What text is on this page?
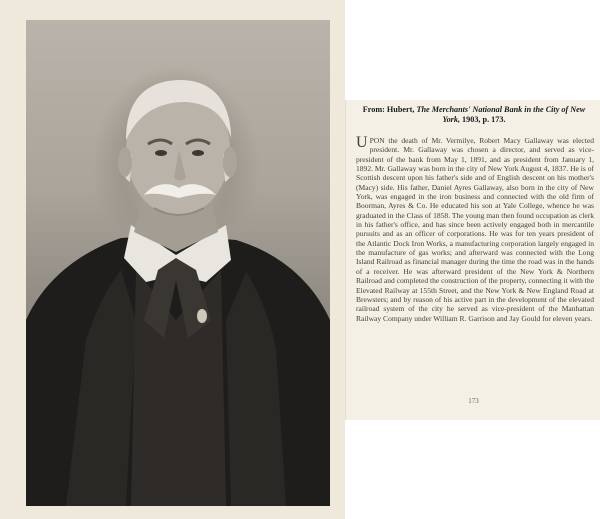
From: Hubert, The Merchants' National Bank in the City of New York, 1903, p. 173.
UPON the death of Mr. Vermilye, Robert Macy Gallaway was elected president. Mr. Gallaway was chosen a director, and served as vice-president of the bank from May 1, 1891, and as president from January 1, 1892. Mr. Gallaway was born in the city of New York August 4, 1837. He is of Scottish descent upon his father's side and of English descent on his mother's (Macy) side. His father, Daniel Ayres Gallaway, also born in the city of New York, was engaged in the iron business and connected with the old firm of Boorman, Ayres & Co. He educated his son at Yale College, whence he was graduated in the Class of 1858. The young man then found occupation as clerk in his father's office, and has since been actively engaged both in mercantile pursuits and as an officer of corporations. He was for ten years president of the Atlantic Dock Iron Works, a manufacturing corporation largely engaged in the manufacture of gas works; and afterward was connected with the Long Island Railroad as financial manager during the time the road was in the hands of a receiver. He was afterward president of the New York & Northern Railroad and completed the construction of the property, connecting it with the Elevated Railway at 155th Street, and the New York & New England Road at Brewsters; and by reason of his active part in the development of the elevated railroad system of the city he served as vice-president of the Manhattan Railway Company under William R. Garrison and Jay Gould for eleven years.
173
